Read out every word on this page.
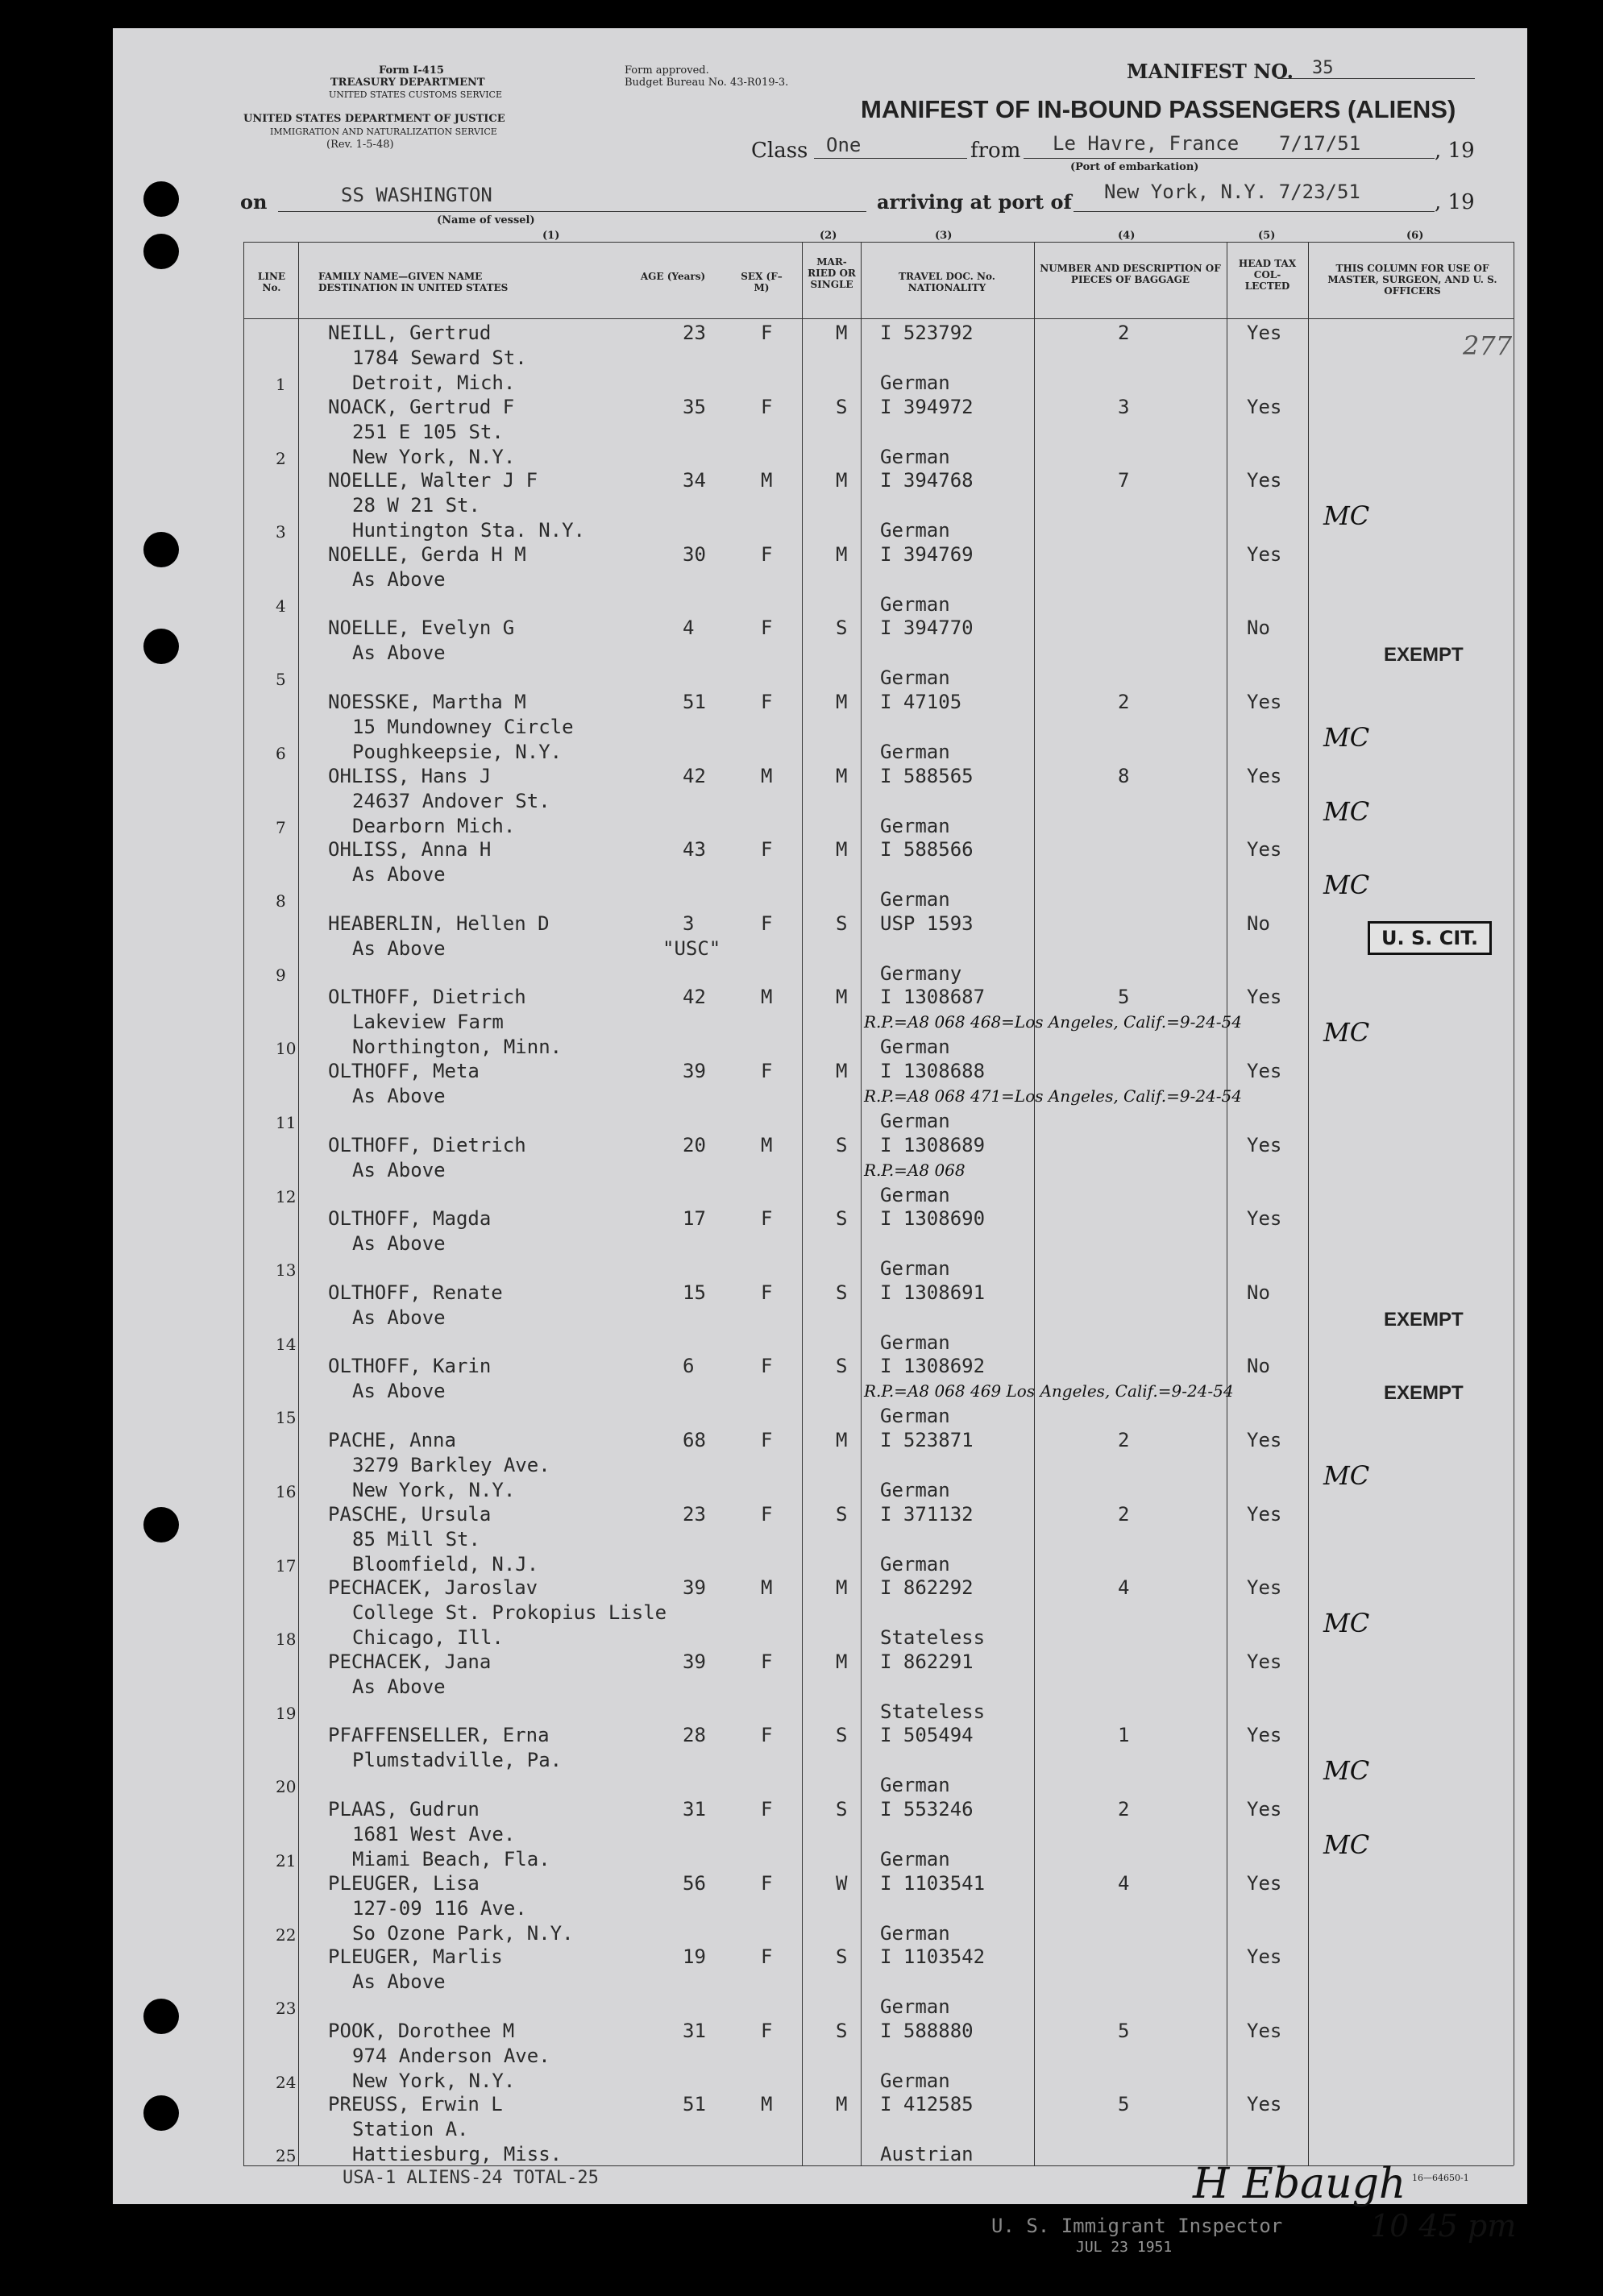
Form I-415
TREASURY DEPARTMENT
UNITED STATES CUSTOMS SERVICE
Form approved.
Budget Bureau No. 43-R019-3.
UNITED STATES DEPARTMENT OF JUSTICE
IMMIGRATION AND NATURALIZATION SERVICE
(Rev. 1-5-48)
MANIFEST NO. 35
MANIFEST OF IN-BOUND PASSENGERS (ALIENS)
Class One	from Le Havre, France 7/17/51	, 19
(Port of embarkation)
on	SS WASHINGTON
(Name of vessel)
arriving at port of New York, N.Y. 7/23/51	, 19
(1)	(2)	(3)	(4)	(5)	(6)
LINE No.
FAMILY NAME—GIVEN NAME DESTINATION IN UNITED STATES
AGE (Years)	SEX (F–M)
MAR-RIED OR SINGLE
TRAVEL DOC. No. NATIONALITY
NUMBER AND DESCRIPTION OF PIECES OF BAGGAGE
HEAD TAX COL-LECTED
THIS COLUMN FOR USE OF MASTER, SURGEON, AND U. S. OFFICERS
1
NEILL, Gertrud
1784 Seward St.
Detroit, Mich.
23	F	M I 523792
German
2	Yes
2
NOACK, Gertrud F
251 E 105 St.
New York, N.Y.
35	F	S I 394972
German
3	Yes
3
NOELLE, Walter J F
28 W 21 St.
Huntington Sta. N.Y.
34	M	M I 394768
German
7	Yes
MC
4
NOELLE, Gerda H M
As Above
30	F	M I 394769
German
Yes
5
NOELLE, Evelyn G
As Above
4	F	S I 394770
German
No
EXEMPT
6
NOESSKE, Martha M
15 Mundowney Circle
Poughkeepsie, N.Y.
51	F	M I 47105
German
2	Yes
MC
7
OHLISS, Hans J
24637 Andover St.
Dearborn Mich.
42	M	M I 588565
German
8	Yes
MC
8
OHLISS, Anna H
As Above
43	F	M I 588566
German
Yes
MC
9
HEABERLIN, Hellen D
As Above
3	F	S USP 1593
Germany
No
"USC"	U. S. CIT.
10
OLTHOFF, Dietrich
Lakeview Farm
Northington, Minn.
42	M	M I 1308687
German
5	Yes
R.P.=A8 068 468=Los Angeles, Calif.=9-24-54	MC
11
OLTHOFF, Meta
As Above
39	F	M I 1308688
German
Yes
R.P.=A8 068 471=Los Angeles, Calif.=9-24-54
12
OLTHOFF, Dietrich
As Above
20	M	S I 1308689
German
Yes
R.P.=A8 068
13
OLTHOFF, Magda
As Above
17	F	S I 1308690
German
Yes
14
OLTHOFF, Renate
As Above
15	F	S I 1308691
German
No
EXEMPT
15
OLTHOFF, Karin
As Above
6	F	S I 1308692
German
No
R.P.=A8 068 469 Los Angeles, Calif.=9-24-54	EXEMPT
16
PACHE, Anna
3279 Barkley Ave.
New York, N.Y.
68	F	M I 523871
German
2	Yes
MC
17
PASCHE, Ursula
85 Mill St.
Bloomfield, N.J.
23	F	S I 371132
German
2	Yes
18
PECHACEK, Jaroslav
College St. Prokopius Lisle
Chicago, Ill.
39	M	M I 862292
Stateless
4	Yes
MC
19
PECHACEK, Jana
As Above
39	F	M I 862291
Stateless
Yes
20
PFAFFENSELLER, Erna
Plumstadville, Pa.
28	F	S I 505494
German
1	Yes
MC
21
PLAAS, Gudrun
1681 West Ave.
Miami Beach, Fla.
31	F	S I 553246
German
2	Yes
MC
22
PLEUGER, Lisa
127-09 116 Ave.
So Ozone Park, N.Y.
56	F	W I 1103541
German
4	Yes
23
PLEUGER, Marlis
As Above
19	F	S I 1103542
German
Yes
24
POOK, Dorothee M
974 Anderson Ave.
New York, N.Y.
31	F	S I 588880
German
5	Yes
25
PREUSS, Erwin L
Station A.
Hattiesburg, Miss.
51	M	M I 412585
Austrian
5	Yes
USA-1 ALIENS-24 TOTAL-25	16—64650-1
U. S. Immigrant Inspector
JUL 23 1951
H Ebaugh
10 45 pm
277
